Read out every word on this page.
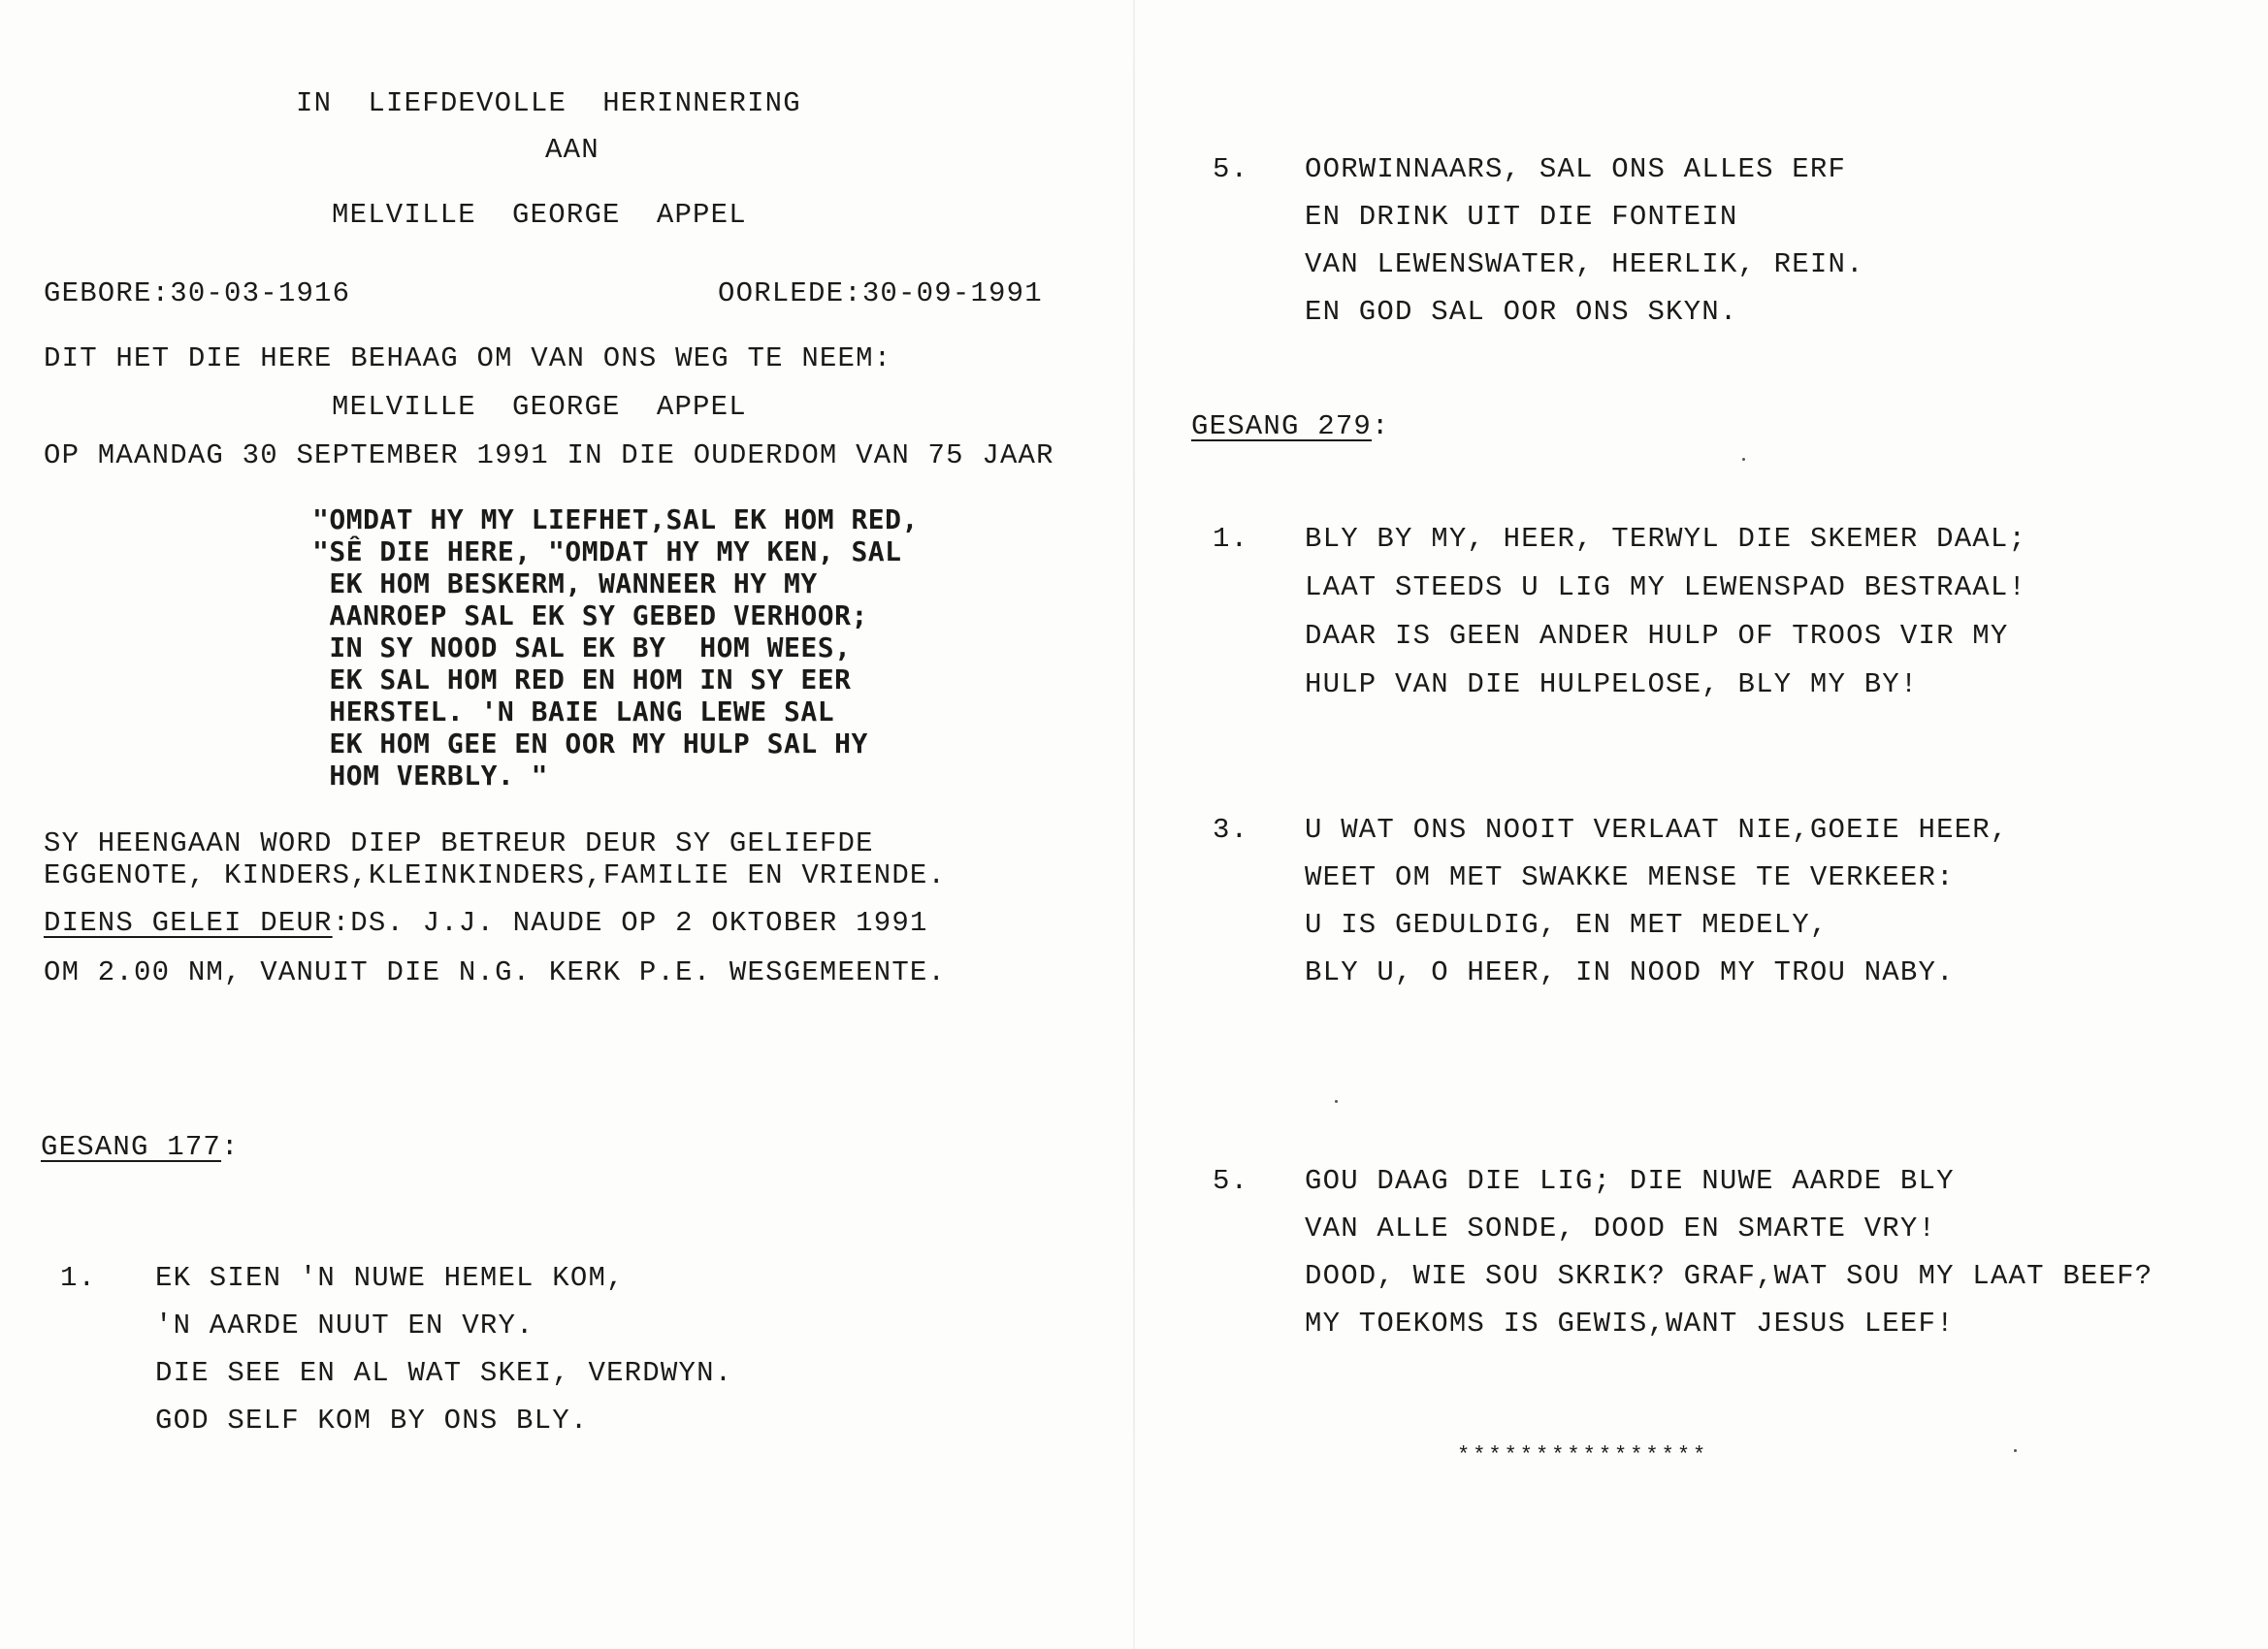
IN  LIEFDEVOLLE  HERINNERING
AAN
MELVILLE  GEORGE  APPEL
GEBORE:30-03-1916	OORLEDE:30-09-1991
DIT HET DIE HERE BEHAAG OM VAN ONS WEG TE NEEM:
MELVILLE  GEORGE  APPEL
OP MAANDAG 30 SEPTEMBER 1991 IN DIE OUDERDOM VAN 75 JAAR
"OMDAT HY MY LIEFHET,SAL EK HOM RED,
"SÊ DIE HERE, "OMDAT HY MY KEN, SAL
EK HOM BESKERM, WANNEER HY MY
AANROEP SAL EK SY GEBED VERHOOR;
IN SY NOOD SAL EK BY  HOM WEES,
EK SAL HOM RED EN HOM IN SY EER
HERSTEL. 'N BAIE LANG LEWE SAL
EK HOM GEE EN OOR MY HULP SAL HY
HOM VERBLY. "
SY HEENGAAN WORD DIEP BETREUR DEUR SY GELIEFDE
EGGENOTE, KINDERS,KLEINKINDERS,FAMILIE EN VRIENDE.
DIENS GELEI DEUR:DS. J.J. NAUDE OP 2 OKTOBER 1991
OM 2.00 NM, VANUIT DIE N.G. KERK P.E. WESGEMEENTE.
GESANG 177:
1. EK SIEN 'N NUWE HEMEL KOM,
'N AARDE NUUT EN VRY.
DIE SEE EN AL WAT SKEI, VERDWYN.
GOD SELF KOM BY ONS BLY.
5. OORWINNAARS, SAL ONS ALLES ERF
EN DRINK UIT DIE FONTEIN
VAN LEWENSWATER, HEERLIK, REIN.
EN GOD SAL OOR ONS SKYN.
GESANG 279:
1. BLY BY MY, HEER, TERWYL DIE SKEMER DAAL;
LAAT STEEDS U LIG MY LEWENSPAD BESTRAAL!
DAAR IS GEEN ANDER HULP OF TROOS VIR MY
HULP VAN DIE HULPELOSE, BLY MY BY!
3. U WAT ONS NOOIT VERLAAT NIE,GOEIE HEER,
WEET OM MET SWAKKE MENSE TE VERKEER:
U IS GEDULDIG, EN MET MEDELY,
BLY U, O HEER, IN NOOD MY TROU NABY.
5. GOU DAAG DIE LIG; DIE NUWE AARDE BLY
VAN ALLE SONDE, DOOD EN SMARTE VRY!
DOOD, WIE SOU SKRIK? GRAF,WAT SOU MY LAAT BEEF?
MY TOEKOMS IS GEWIS,WANT JESUS LEEF!
****************
